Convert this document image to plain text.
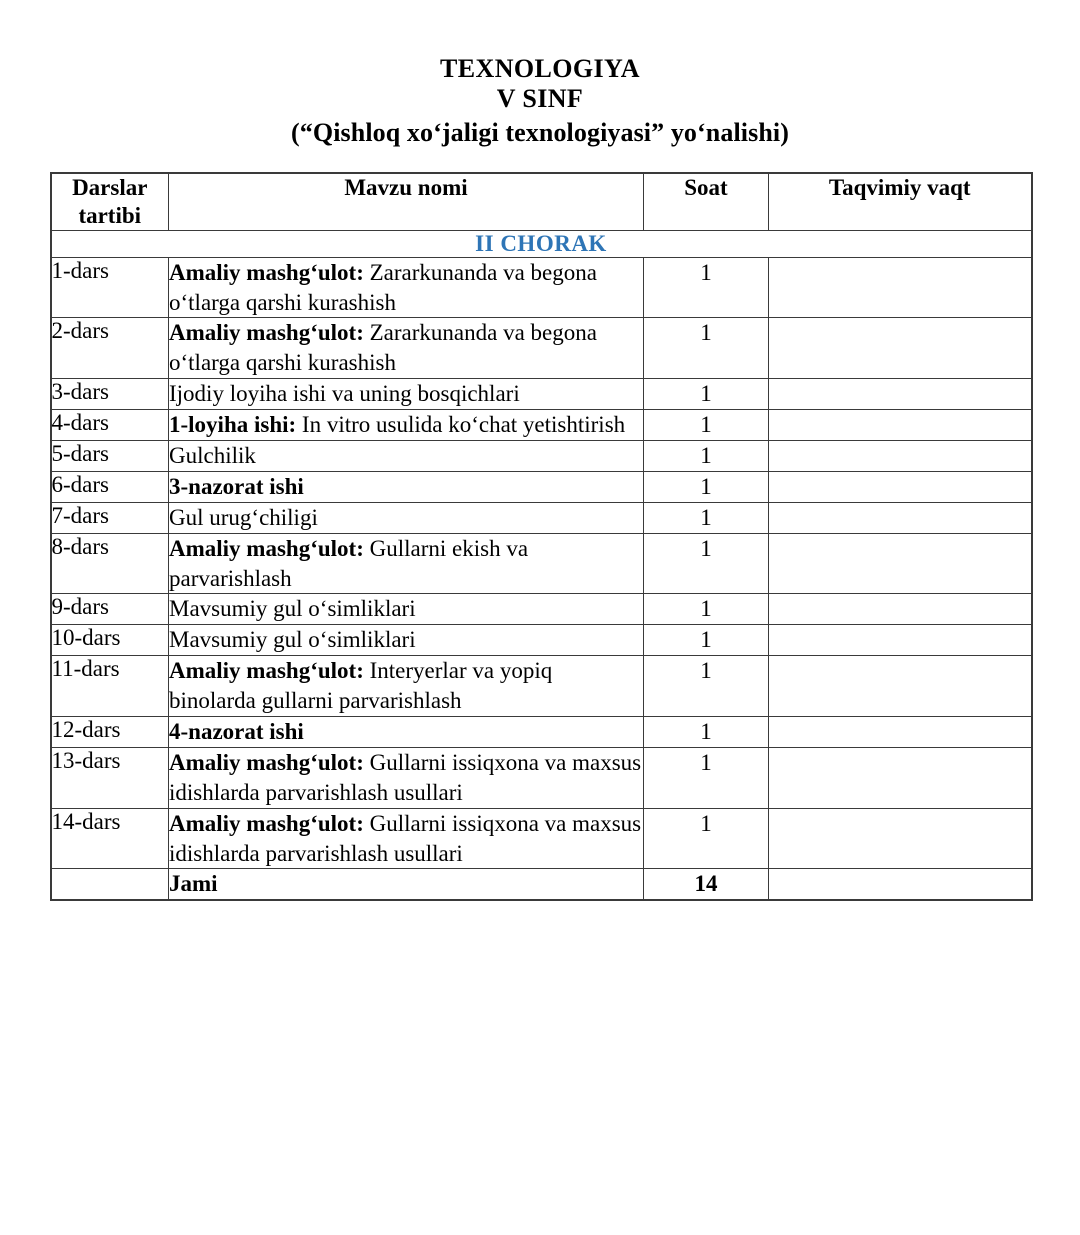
TEXNOLOGIYA
V SINF
(“Qishloq xoʻjaligi texnologiyasi” yoʻnalishi)
Darslar tartibi	Mavzu nomi	Soat	Taqvimiy vaqt
II CHORAK			
1-dars	Amaliy mashgʻulot: Zararkunanda va begona oʻtlarga qarshi kurashish	1	
2-dars	Amaliy mashgʻulot: Zararkunanda va begona oʻtlarga qarshi kurashish	1	
3-dars	Ijodiy loyiha ishi va uning bosqichlari	1	
4-dars	1-loyiha ishi: In vitro usulida koʻchat yetishtirish	1	
5-dars	Gulchilik	1	
6-dars	3-nazorat ishi	1	
7-dars	Gul urugʻchiligi	1	
8-dars	Amaliy mashgʻulot: Gullarni ekish va parvarishlash	1	
9-dars	Mavsumiy gul oʻsimliklari	1	
10-dars	Mavsumiy gul oʻsimliklari	1	
11-dars	Amaliy mashgʻulot: Interyerlar va yopiq binolarda gullarni parvarishlash	1	
12-dars	4-nazorat ishi	1	
13-dars	Amaliy mashgʻulot: Gullarni issiqxona va maxsus idishlarda parvarishlash usullari	1	
14-dars	Amaliy mashgʻulot: Gullarni issiqxona va maxsus idishlarda parvarishlash usullari	1	
	Jami	14	
